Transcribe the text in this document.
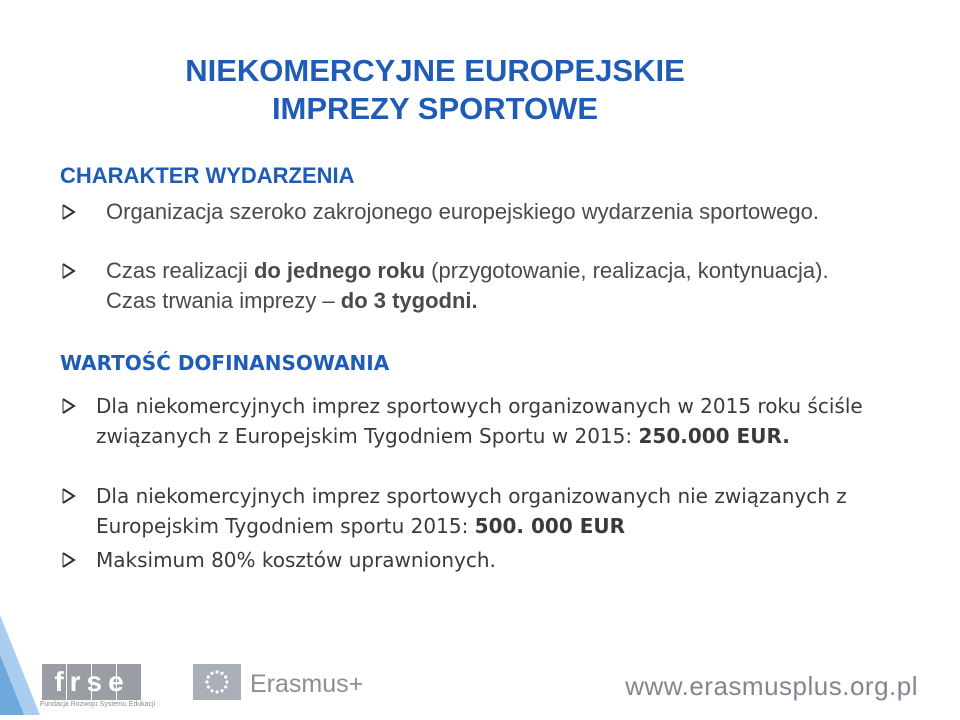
NIEKOMERCYJNE EUROPEJSKIE
IMPREZY SPORTOWE
CHARAKTER WYDARZENIA
Organizacja szeroko zakrojonego europejskiego wydarzenia sportowego.
Czas realizacji do jednego roku (przygotowanie, realizacja, kontynuacja). Czas trwania imprezy – do 3 tygodni.
WARTOŚĆ DOFINANSOWANIA
Dla niekomercyjnych imprez sportowych organizowanych w 2015 roku ściśle związanych z Europejskim Tygodniem Sportu w 2015: 250.000 EUR.
Dla niekomercyjnych imprez sportowych organizowanych nie związanych z Europejskim Tygodniem sportu 2015: 500. 000 EUR
Maksimum 80% kosztów uprawnionych.
frse
Fundacja Rozwoju Systemu Edukacji
Erasmus+	www.erasmusplus.org.pl
